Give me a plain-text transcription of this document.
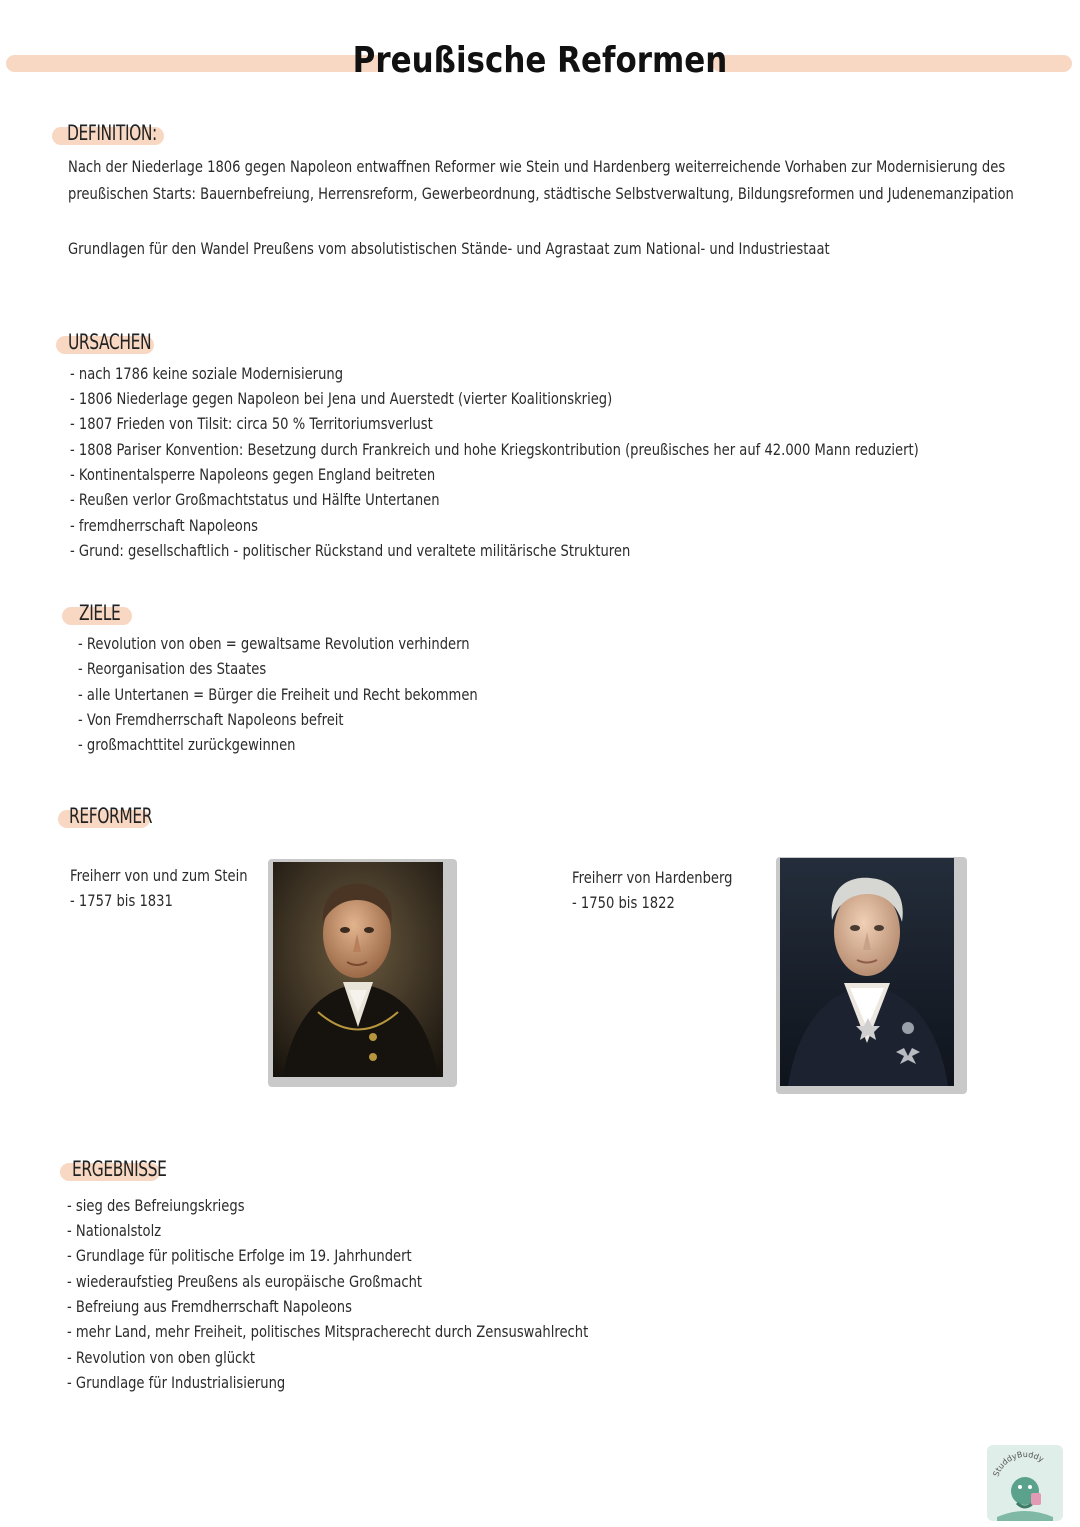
Preußische Reformen
DEFINITION:
Nach der Niederlage 1806 gegen Napoleon entwaffnen Reformer wie Stein und Hardenberg weiterreichende Vorhaben zur Modernisierung des
preußischen Starts: Bauernbefreiung, Herrensreform, Gewerbeordnung, städtische Selbstverwaltung, Bildungsreformen und Judenemanzipation
Grundlagen für den Wandel Preußens vom absolutistischen Stände- und Agrastaat zum National- und Industriestaat
URSACHEN
- nach 1786 keine soziale Modernisierung
- 1806 Niederlage gegen Napoleon bei Jena und Auerstedt (vierter Koalitionskrieg)
- 1807 Frieden von Tilsit: circa 50 % Territoriumsverlust
- 1808 Pariser Konvention: Besetzung durch Frankreich und hohe Kriegskontribution (preußisches her auf 42.000 Mann reduziert)
- Kontinentalsperre Napoleons gegen England beitreten
- Reußen verlor Großmachtstatus und Hälfte Untertanen
- fremdherrschaft Napoleons
- Grund: gesellschaftlich - politischer Rückstand und veraltete militärische Strukturen
ZIELE
- Revolution von oben = gewaltsame Revolution verhindern
- Reorganisation des Staates
- alle Untertanen = Bürger die Freiheit und Recht bekommen
- Von Fremdherrschaft Napoleons befreit
- großmachttitel zurückgewinnen
REFORMER
Freiherr von und zum Stein
- 1757 bis 1831
Freiherr von Hardenberg
- 1750 bis 1822
ERGEBNISSE
- sieg des Befreiungskriegs
- Nationalstolz
- Grundlage für politische Erfolge im 19. Jahrhundert
- wiederaufstieg Preußens als europäische Großmacht
- Befreiung aus Fremdherrschaft Napoleons
- mehr Land, mehr Freiheit, politisches Mitspracherecht durch Zensuswahlrecht
- Revolution von oben glückt
- Grundlage für Industrialisierung
StuddyBuddy
